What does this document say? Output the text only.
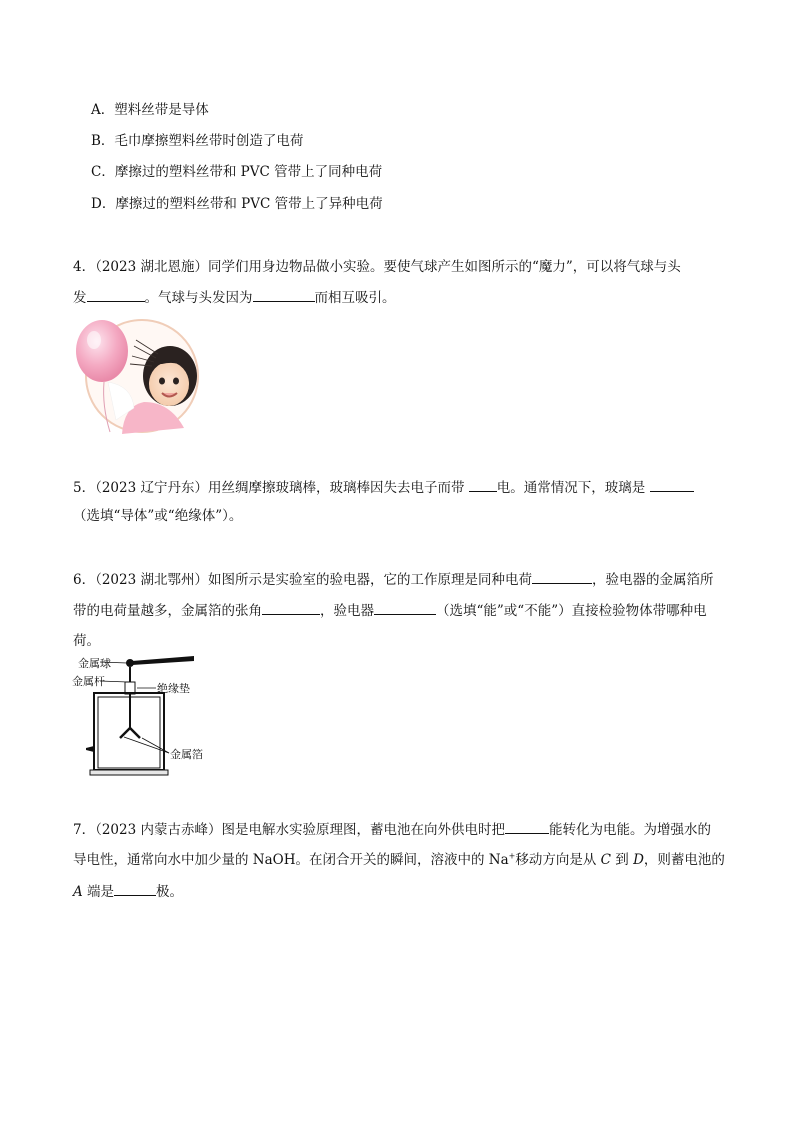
A．塑料丝带是导体
B．毛巾摩擦塑料丝带时创造了电荷
C．摩擦过的塑料丝带和 PVC 管带上了同种电荷
D．摩擦过的塑料丝带和 PVC 管带上了异种电荷
4．（2023 湖北恩施）同学们用身边物品做小实验。要使气球产生如图所示的“魔力”，可以将气球与头
发	。气球与头发因为	而相互吸引。
5．（2023 辽宁丹东）用丝绸摩擦玻璃棒，玻璃棒因失去电子而带 电。通常情况下，玻璃是
（选填“导体”或“绝缘体”）。
6．（2023 湖北鄂州）如图所示是实验室的验电器，它的工作原理是同种电荷	，验电器的金属箔所
带的电荷量越多，金属箔的张角	，验电器	（选填“能”或“不能”）直接检验物体带哪种电
荷。
金属球
金属杆
绝缘垫
金属箔
7．（2023 内蒙古赤峰）图是电解水实验原理图，蓄电池在向外供电时把	能转化为电能。为增强水的
导电性，通常向水中加少量的 NaOH。在闭合开关的瞬间，溶液中的 Na+移动方向是从 C 到 D，则蓄电池的
A 端是	极。
